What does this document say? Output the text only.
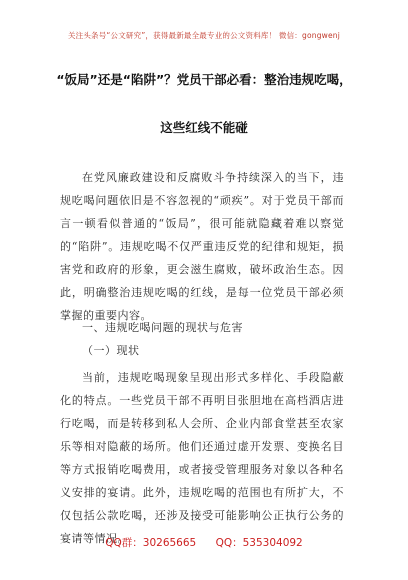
关注头条号“公文研究”，获得最新最全最专业的公文资料库！ 微信：gongwenj
“饭局”还是“陷阱”？党员干部必看：整治违规吃喝，
这些红线不能碰
在党风廉政建设和反腐败斗争持续深入的当下，违规吃喝问题依旧是不容忽视的“顽疾”。对于党员干部而言一顿看似普通的“饭局”，很可能就隐藏着难以察觉的“陷阱”。违规吃喝不仅严重违反党的纪律和规矩，损害党和政府的形象，更会滋生腐败，破坏政治生态。因此，明确整治违规吃喝的红线，是每一位党员干部必须掌握的重要内容。
一、违规吃喝问题的现状与危害
（一）现状
当前，违规吃喝现象呈现出形式多样化、手段隐蔽化的特点。一些党员干部不再明目张胆地在高档酒店进行吃喝，而是转移到私人会所、企业内部食堂甚至农家乐等相对隐蔽的场所。他们还通过虚开发票、变换名目等方式报销吃喝费用，或者接受管理服务对象以各种名义安排的宴请。此外，违规吃喝的范围也有所扩大，不仅包括公款吃喝，还涉及接受可能影响公正执行公务的宴请等情况。
QQ群：30265665 QQ：535304092
